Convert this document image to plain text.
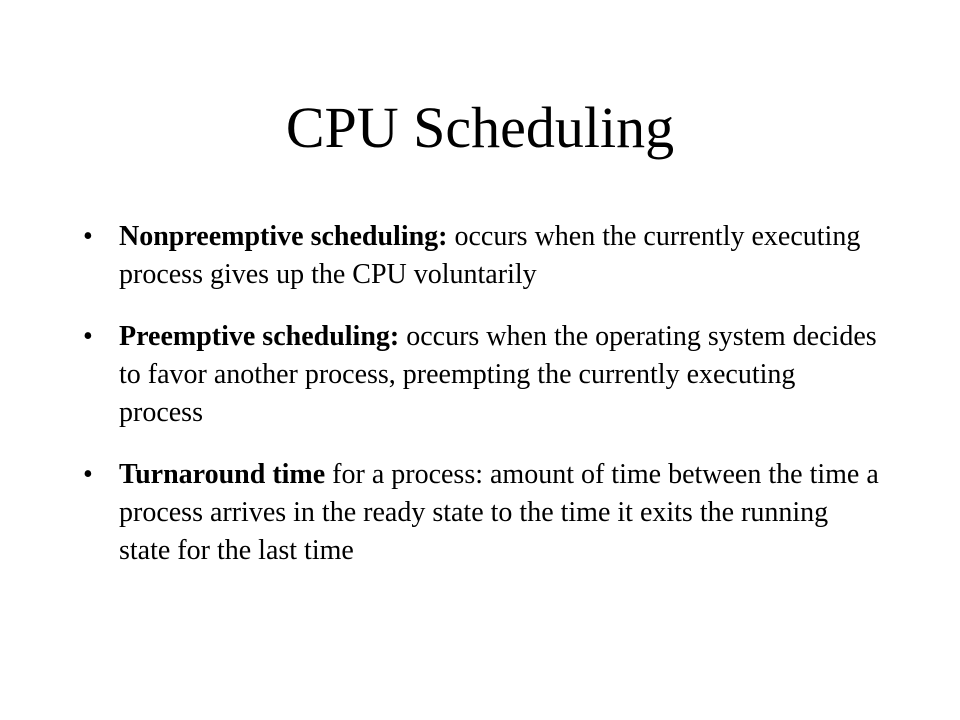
CPU Scheduling
• Nonpreemptive scheduling: occurs when the currently executing process gives up the CPU voluntarily
• Preemptive scheduling: occurs when the operating system decides to favor another process, preempting the currently executing process
• Turnaround time for a process: amount of time between the time a process arrives in the ready state to the time it exits the running state for the last time
